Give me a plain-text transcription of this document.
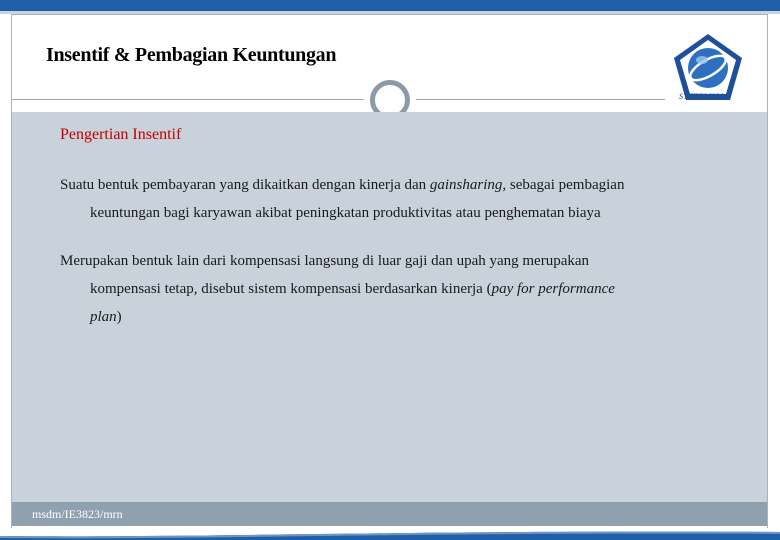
Insentif & Pembagian Keuntungan
STTTELKOM
Pengertian Insentif
Suatu bentuk pembayaran yang dikaitkan dengan kinerja dan gainsharing, sebagai pembagian
keuntungan bagi karyawan akibat peningkatan produktivitas atau penghematan biaya
Merupakan bentuk lain dari kompensasi langsung di luar gaji dan upah yang merupakan
kompensasi tetap, disebut sistem kompensasi berdasarkan kinerja (pay for performance
plan)
msdm/IE3823/mrn
